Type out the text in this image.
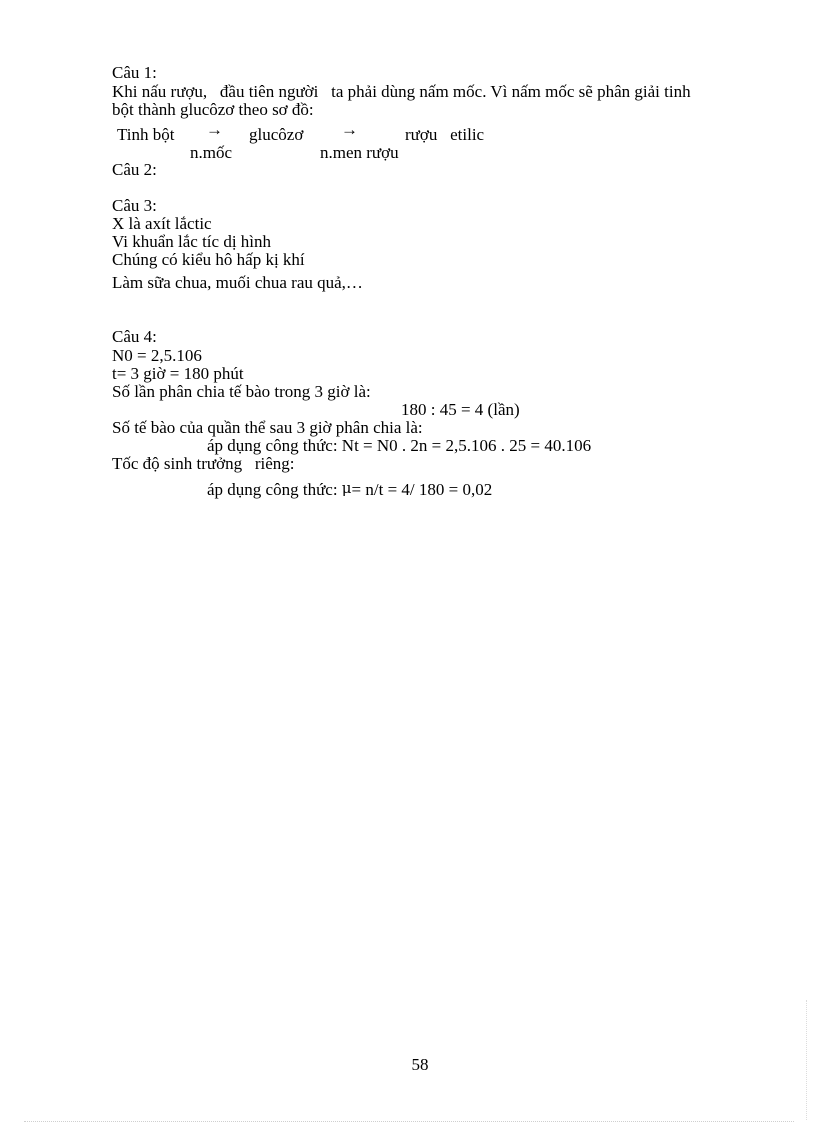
Câu 1:
Khi nấu rượu,   đầu tiên người   ta phải dùng nấm mốc. Vì nấm mốc sẽ phân giải tinh
bột thành glucôzơ theo sơ đồ:
Tinh bột → glucôzơ →	rượu   etilic
n.mốc	n.men rượu
Câu 2:
Câu 3:
X là axít lắctic
Vi khuẩn lắc tíc dị hình
Chúng có kiểu hô hấp kị khí
Làm sữa chua, muối chua rau quả,…
Câu 4:
N0 = 2,5.106
t= 3 giờ = 180 phút
Số lần phân chia tế bào trong 3 giờ là:
180 : 45 = 4 (lần)
Số tế bào của quần thể sau 3 giờ phân chia là:
áp dụng công thức: Nt = N0 . 2n = 2,5.106 . 25 = 40.106
Tốc độ sinh trưởng   riêng:
áp dụng công thức: μ= n/t = 4/ 180 = 0,02
58
